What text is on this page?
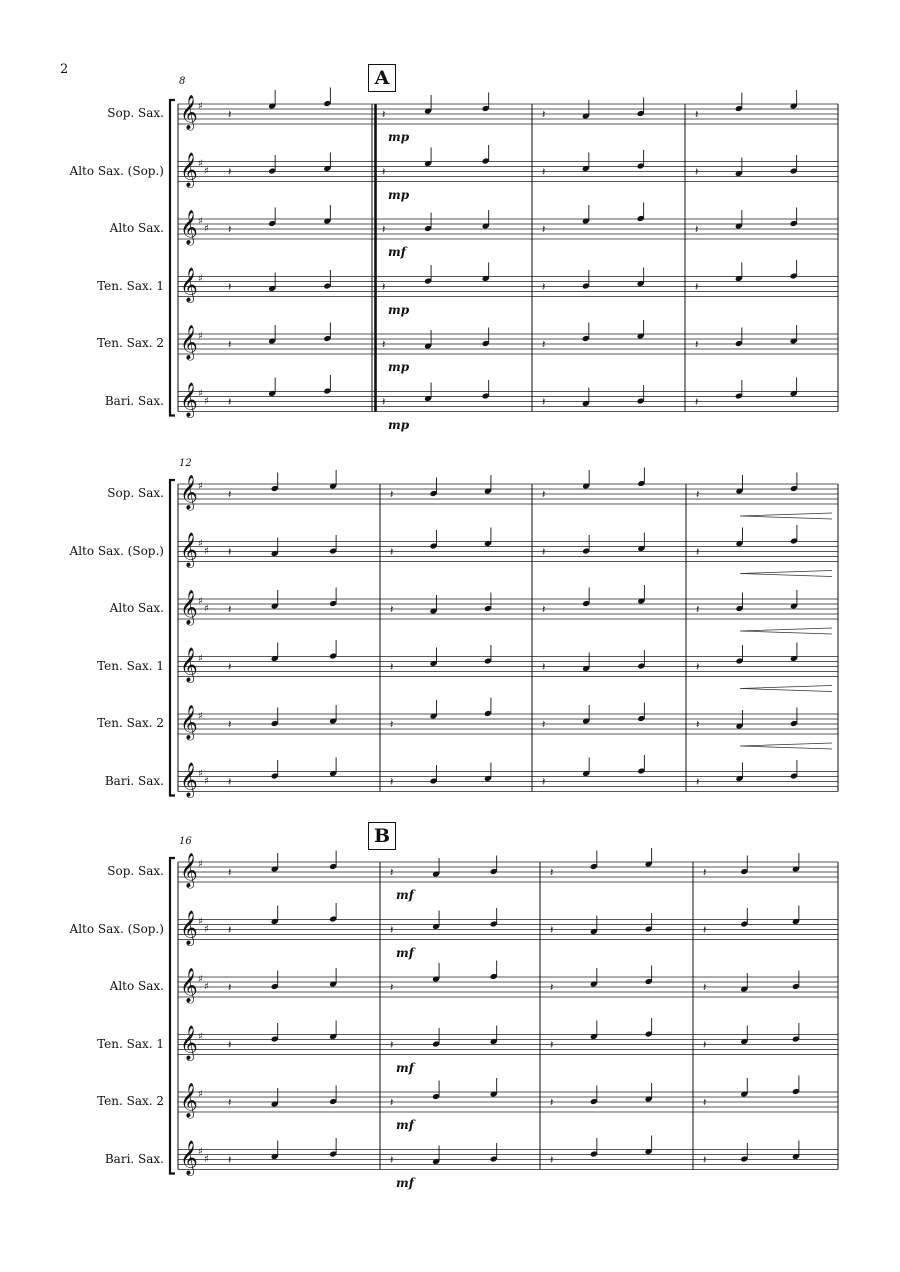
2
𝄞 ♯
𝄽	𝄽	𝄽	𝄽
𝄞 ♯
♯ 𝄽	𝄽	𝄽	𝄽
𝄞 ♯
♯ 𝄽	𝄽	𝄽	𝄽
𝄞 ♯
𝄽	𝄽	𝄽	𝄽
𝄞 ♯
𝄽	𝄽	𝄽	𝄽
𝄞 ♯
♯ 𝄽	𝄽	𝄽	𝄽
𝄞 ♯
𝄽	𝄽	𝄽	𝄽
𝄞 ♯
♯ 𝄽	𝄽	𝄽	𝄽
𝄞 ♯
♯ 𝄽	𝄽	𝄽	𝄽
𝄞 ♯
𝄽	𝄽	𝄽	𝄽
𝄞 ♯
𝄽	𝄽	𝄽	𝄽
𝄞 ♯
♯ 𝄽	𝄽	𝄽	𝄽
𝄞 ♯
𝄽	𝄽	𝄽	𝄽
𝄞 ♯
♯ 𝄽	𝄽	𝄽	𝄽
𝄞 ♯
♯ 𝄽	𝄽	𝄽	𝄽
𝄞 ♯
𝄽	𝄽	𝄽	𝄽
𝄞 ♯
𝄽	𝄽	𝄽	𝄽
𝄞 ♯
♯ 𝄽	𝄽	𝄽	𝄽
Sop. Sax.
mp
Alto Sax. (Sop.)
mp
Alto Sax.
mf
Ten. Sax. 1
mp
Ten. Sax. 2
mp
Bari. Sax.
mp
8	A
Sop. Sax.
Alto Sax. (Sop.)
Alto Sax.
Ten. Sax. 1
Ten. Sax. 2
Bari. Sax.
12
Sop. Sax.
mf
Alto Sax. (Sop.)
mf
Alto Sax.
Ten. Sax. 1
mf
Ten. Sax. 2
mf
Bari. Sax.
mf
16	B
